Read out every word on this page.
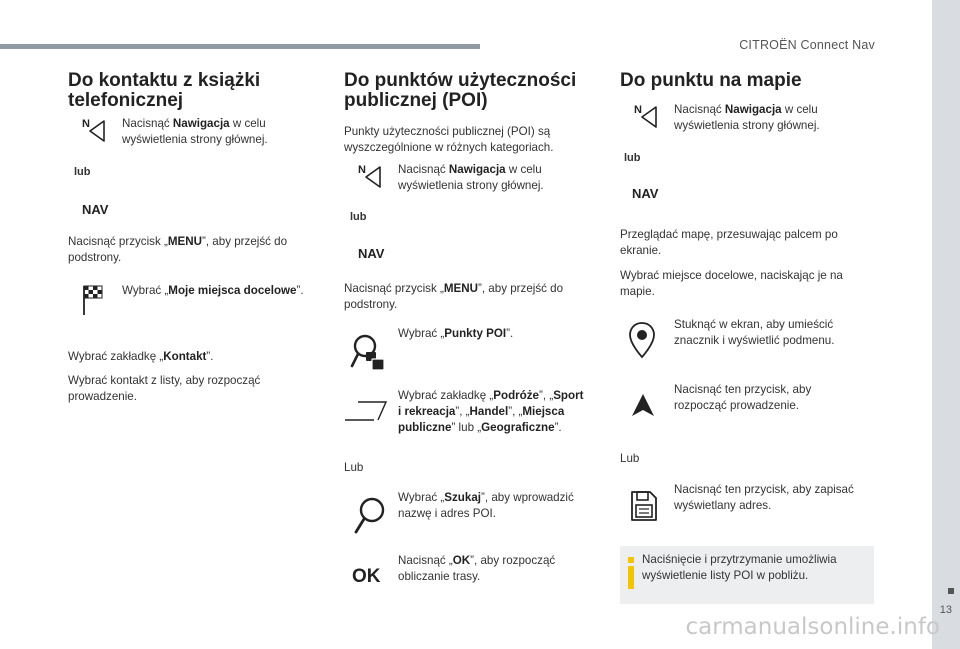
CITROËN Connect Nav
13
carmanualsonline.info
Do kontaktu z książki
telefonicznej
N	Nacisnąć Nawigacja w celu

wyświetlenia strony głównej.

lub

NAV

Nacisnąć przycisk „MENU”, aby przejść do

podstrony.

Wybrać „Moje miejsca docelowe”.

Wybrać zakładkę „Kontakt”.

Wybrać kontakt z listy, aby rozpocząć

prowadzenie.

Do punktów użyteczności
publicznej (POI)

Punkty użyteczności publicznej (POI) są

wyszczególnione w różnych kategoriach.

N	Nacisnąć Nawigacja w celu

wyświetlenia strony głównej.

lub

NAV

Nacisnąć przycisk „MENU”, aby przejść do

podstrony.

Wybrać „Punkty POI”.

Wybrać zakładkę „Podróże”, „Sport

i rekreacja”, „Handel”, „Miejsca

publiczne” lub „Geograficzne”.

Lub

Wybrać „Szukaj”, aby wprowadzić

nazwę i adres POI.

OK

Nacisnąć „OK”, aby rozpocząć

obliczanie trasy.

Do punktu na mapie
N	Nacisnąć Nawigacja w celu

wyświetlenia strony głównej.

lub

NAV

Przeglądać mapę, przesuwając palcem po

ekranie.

Wybrać miejsce docelowe, naciskając je na

mapie.

Stuknąć w ekran, aby umieścić

znacznik i wyświetlić podmenu.

Nacisnąć ten przycisk, aby

rozpocząć prowadzenie.

Lub

Nacisnąć ten przycisk, aby zapisać

wyświetlany adres.

Naciśnięcie i przytrzymanie umożliwia

wyświetlenie listy POI w pobliżu.
